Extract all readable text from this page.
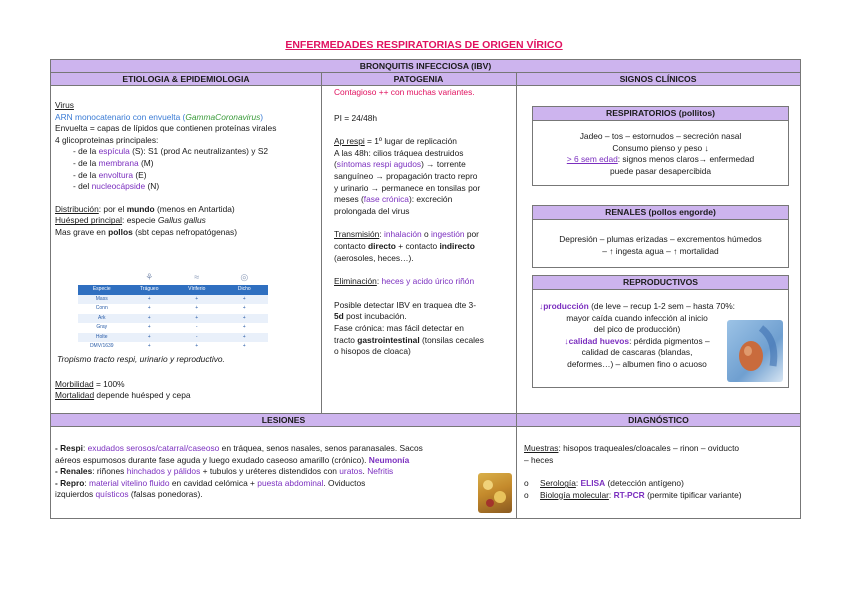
ENFERMEDADES RESPIRATORIAS DE ORIGEN VÍRICO
BRONQUITIS INFECCIOSA (IBV)
ETIOLOGIA & EPIDEMIOLOGIA	PATOGENIA	SIGNOS CLÍNICOS
LESIONES	DIAGNÓSTICO

Virus

ARN monocatenario con envuelta (GammaCoronavirus)

Envuelta = capas de lípidos que contienen proteínas virales

4 glicoproteinas principales:

- de la espícula (S): S1 (prod Ac neutralizantes) y S2

- de la membrana (M)

- de la envoltura (E)

- del nucleocápside (N)

Distribución: por el mundo (menos en Antartida)

Huésped principal: especie Gallus gallus

Mas grave en pollos (sbt cepas nefropatógenas)

⚘	≈	◎
Especie	Trágueo	Víriferio	Dicho
Mass	+	+	+
Conn	+	+	+
Ark	+	+	+
Gray	+	-	+
Holte	+	-	+
DMV/1639	+	+	+

Tropismo tracto respi, urinario y reproductivo.

Morbilidad = 100%

Mortalidad depende huésped y cepa

Contagioso ++ con muchas variantes.

PI = 24/48h

Ap respi = 1º lugar de replicación

A las 48h: cilios tráquea destruidos

(síntomas respi agudos) → torrente

sanguíneo → propagación tracto repro

y urinario → permanece en tonsilas por

meses (fase crónica): excreción

prolongada del virus

Transmisión: inhalación o ingestión por

contacto directo + contacto indirecto

(aerosoles, heces…).

Eliminación: heces y acido úrico riñón

Posible detectar IBV en traquea dte 3-

5d post incubación.

Fase crónica: mas fácil detectar en

tracto gastrointestinal (tonsilas cecales

o hisopos de cloaca)

RESPIRATORIOS (pollitos)

Jadeo – tos – estornudos – secreción nasal

Consumo pienso y peso ↓

> 6 sem edad: signos menos claros→ enfermedad

puede pasar desapercibida

RENALES (pollos engorde)

Depresión – plumas erizadas – excrementos húmedos

– ↑ ingesta agua – ↑ mortalidad

REPRODUCTIVOS

↓producción (de leve – recup 1-2 sem – hasta 70%:

mayor caída cuando infección al inicio

del pico de producción)

↓calidad huevos: pérdida pigmentos –

calidad de cascaras (blandas,

deformes…) – albumen fino o acuoso

- Respi: exudados serosos/catarral/caseoso en tráquea, senos nasales, senos paranasales. Sacos

aéreos espumosos durante fase aguda y luego exudado caseoso amarillo (crónico). Neumonía

- Renales: riñones hinchados y pálidos + tubulos y uréteres distendidos con uratos. Nefritis

- Repro: material vitelino fluido en cavidad celómica + puesta abdominal. Oviductos

izquierdos quísticos (falsas ponedoras).

Muestras: hisopos traqueales/cloacales – rinon – oviducto

– heces

o Serología: ELISA (detección antígeno)

o Biología molecular: RT-PCR (permite tipificar variante)
